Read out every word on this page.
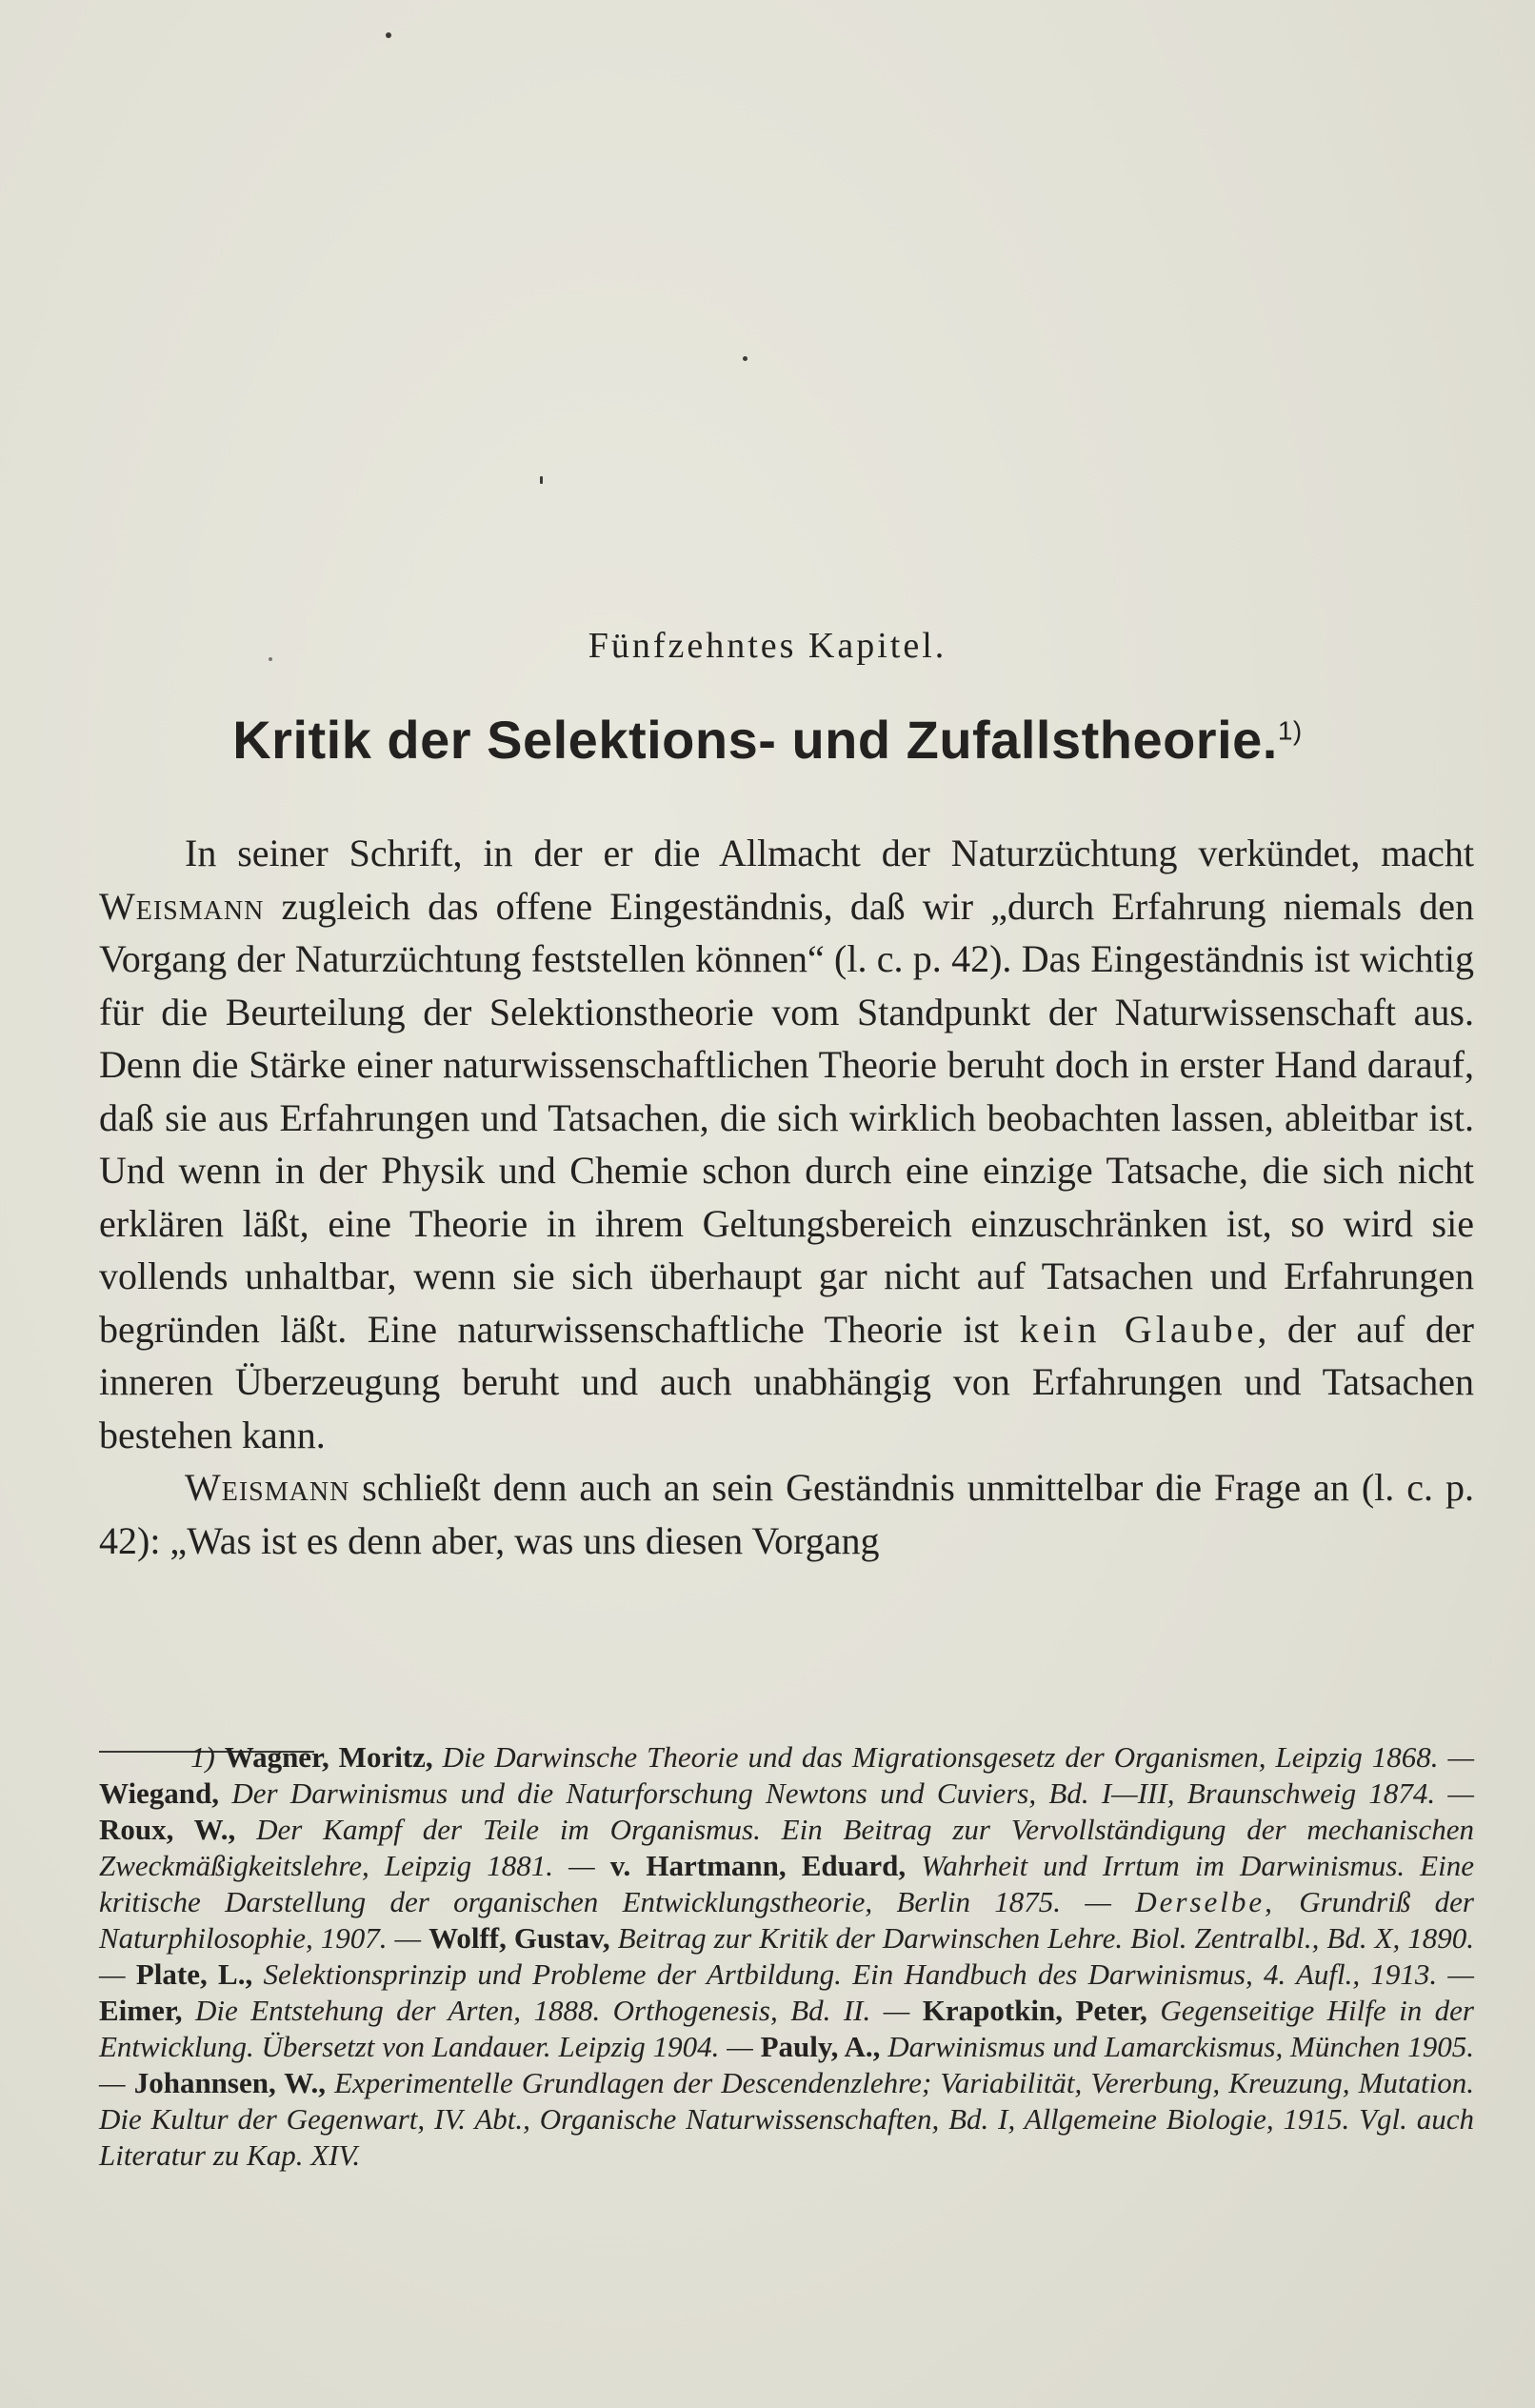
Fünfzehntes Kapitel.
Kritik der Selektions- und Zufallstheorie.$^{1)}$

In seiner Schrift, in der er die Allmacht der Naturzüchtung verkündet, macht Weismann zugleich das offene Eingeständnis, daß wir „durch Erfahrung niemals den Vorgang der Naturzüchtung feststellen können“ (l. c. p. 42). Das Eingeständnis ist wichtig für die Beurteilung der Selektionstheorie vom Standpunkt der Naturwissenschaft aus. Denn die Stärke einer naturwissenschaftlichen Theorie beruht doch in erster Hand darauf, daß sie aus Erfahrungen und Tatsachen, die sich wirklich beobachten lassen, ableitbar ist. Und wenn in der Physik und Chemie schon durch eine einzige Tatsache, die sich nicht erklären läßt, eine Theorie in ihrem Geltungsbereich einzuschränken ist, so wird sie vollends unhaltbar, wenn sie sich überhaupt gar nicht auf Tatsachen und Erfahrungen begründen läßt. Eine naturwissenschaftliche Theorie ist kein Glaube, der auf der inneren Überzeugung beruht und auch unabhängig von Erfahrungen und Tatsachen bestehen kann.

Weismann schließt denn auch an sein Geständnis unmittelbar die Frage an (l. c. p. 42): „Was ist es denn aber, was uns diesen Vorgang

1) Wagner, Moritz, Die Darwinsche Theorie und das Migrationsgesetz der Organismen, Leipzig 1868. — Wiegand, Der Darwinismus und die Naturforschung Newtons und Cuviers, Bd. I—III, Braunschweig 1874. — Roux, W., Der Kampf der Teile im Organismus. Ein Beitrag zur Vervollständigung der mechanischen Zweckmäßigkeitslehre, Leipzig 1881. — v. Hartmann, Eduard, Wahrheit und Irrtum im Darwinismus. Eine kritische Darstellung der organischen Entwicklungstheorie, Berlin 1875. — Derselbe, Grundriß der Naturphilosophie, 1907. — Wolff, Gustav, Beitrag zur Kritik der Darwinschen Lehre. Biol. Zentralbl., Bd. X, 1890. — Plate, L., Selektionsprinzip und Probleme der Artbildung. Ein Handbuch des Darwinismus, 4. Aufl., 1913. — Eimer, Die Entstehung der Arten, 1888. Orthogenesis, Bd. II. — Krapotkin, Peter, Gegenseitige Hilfe in der Entwicklung. Übersetzt von Landauer. Leipzig 1904. — Pauly, A., Darwinismus und Lamarckismus, München 1905. — Johannsen, W., Experimentelle Grundlagen der Descendenzlehre; Variabilität, Vererbung, Kreuzung, Mutation. Die Kultur der Gegenwart, IV. Abt., Organische Naturwissenschaften, Bd. I, Allgemeine Biologie, 1915. Vgl. auch Literatur zu Kap. XIV.
